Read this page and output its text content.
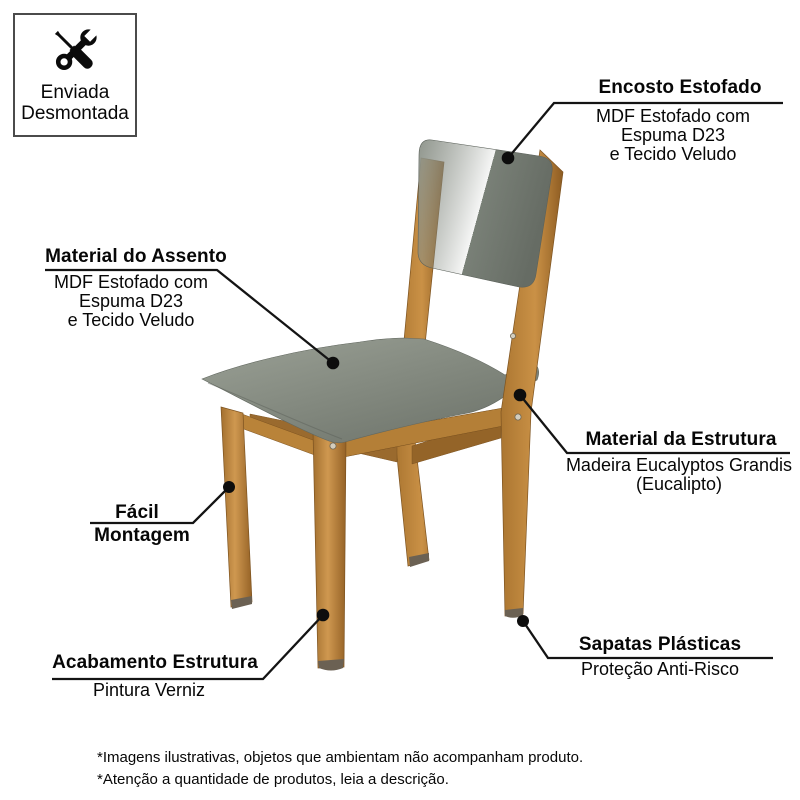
Enviada
Desmontada
Encosto Estofado
MDF Estofado com
Espuma D23
e Tecido Veludo
Material do Assento
MDF Estofado com
Espuma D23
e Tecido Veludo
Material da Estrutura
Madeira Eucalyptos Grandis
(Eucalipto)
Fácil
Montagem
Acabamento Estrutura
Pintura Verniz
Sapatas Plásticas
Proteção Anti-Risco
*Imagens ilustrativas, objetos que ambientam não acompanham produto.
*Atenção a quantidade de produtos, leia a descrição.
